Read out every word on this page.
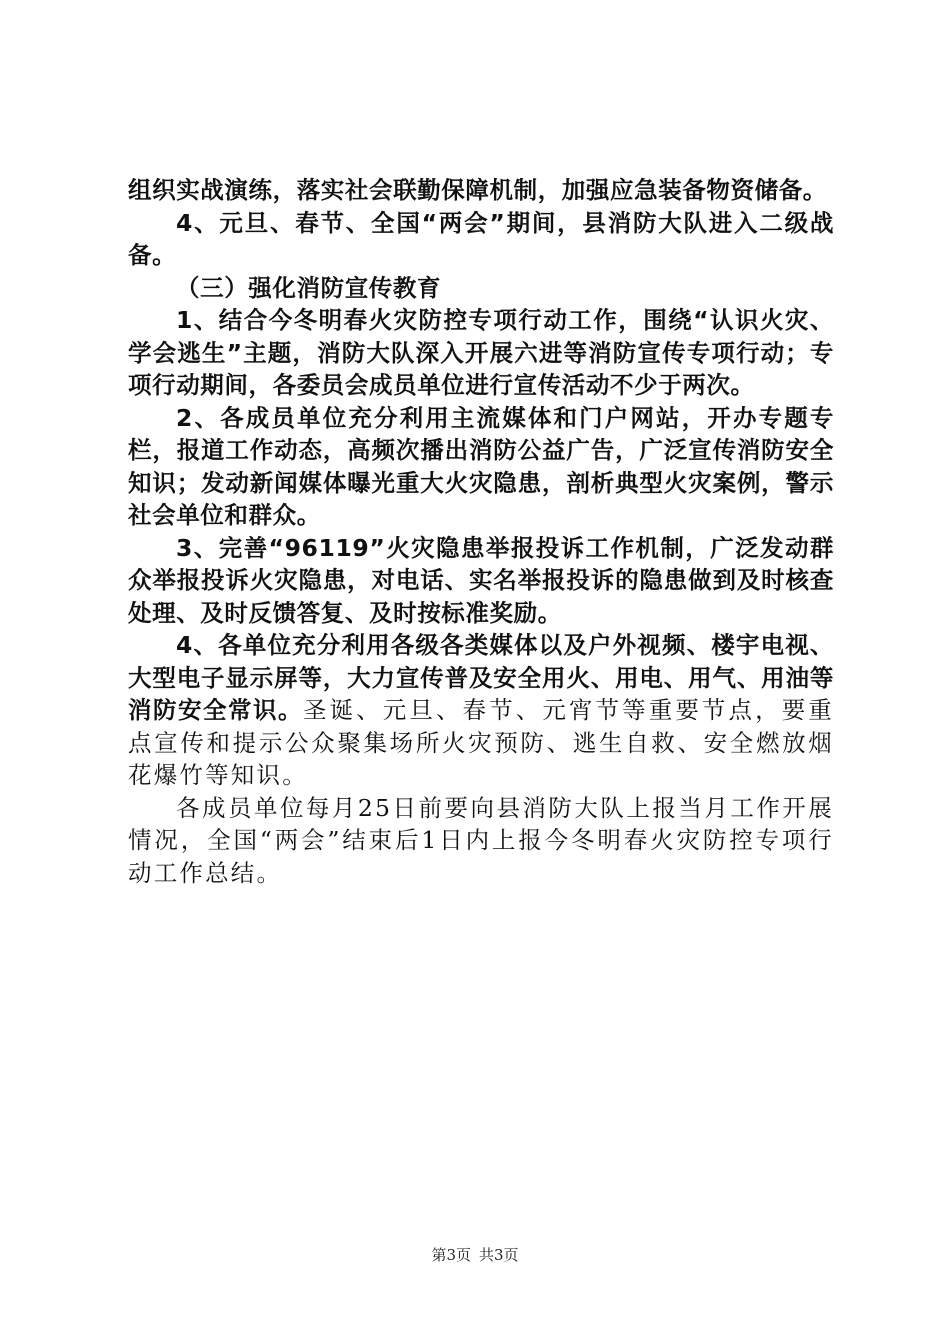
组织实战演练，落实社会联勤保障机制，加强应急装备物资储备。

4、元旦、春节、全国“两会”期间，县消防大队进入二级战备。

（三）强化消防宣传教育

1、结合今冬明春火灾防控专项行动工作，围绕“认识火灾、学会逃生”主题，消防大队深入开展六进等消防宣传专项行动；专项行动期间，各委员会成员单位进行宣传活动不少于两次。

2、各成员单位充分利用主流媒体和门户网站，开办专题专栏，报道工作动态，高频次播出消防公益广告，广泛宣传消防安全知识；发动新闻媒体曝光重大火灾隐患，剖析典型火灾案例，警示社会单位和群众。

3、完善“96119”火灾隐患举报投诉工作机制，广泛发动群众举报投诉火灾隐患，对电话、实名举报投诉的隐患做到及时核查处理、及时反馈答复、及时按标准奖励。

4、各单位充分利用各级各类媒体以及户外视频、楼宇电视、大型电子显示屏等，大力宣传普及安全用火、用电、用气、用油等消防安全常识。圣诞、元旦、春节、元宵节等重要节点，要重点宣传和提示公众聚集场所火灾预防、逃生自救、安全燃放烟花爆竹等知识。

各成员单位每月25日前要向县消防大队上报当月工作开展情况，全国“两会”结束后1日内上报今冬明春火灾防控专项行动工作总结。

第3页 共3页
